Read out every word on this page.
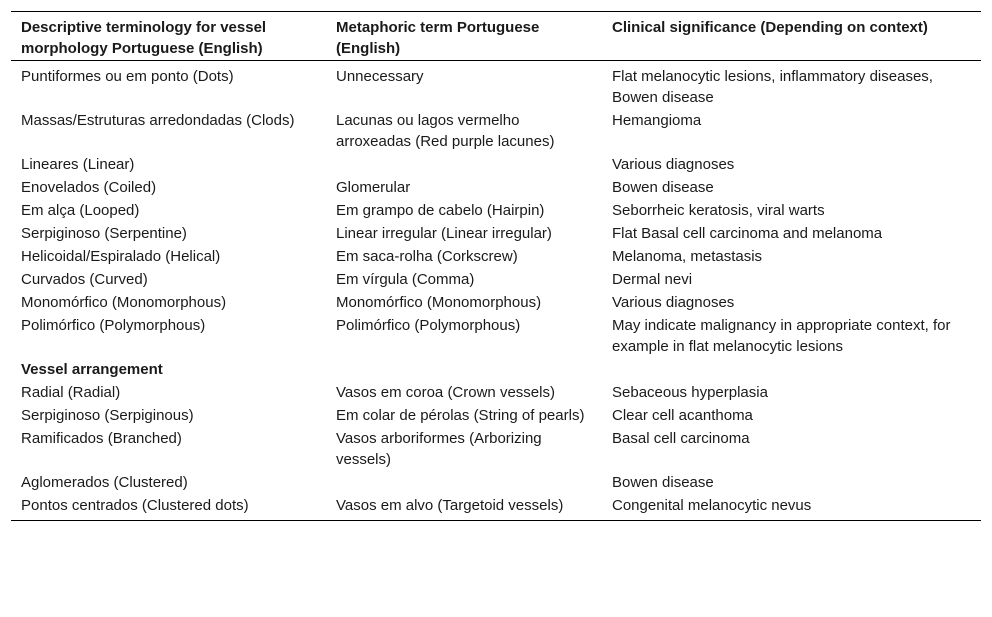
Descriptive terminology for vessel morphology Portuguese (English)	Metaphoric term Portuguese (English)	Clinical significance (Depending on context)
Puntiformes ou em ponto (Dots)	Unnecessary	Flat melanocytic lesions, inflammatory diseases, Bowen disease
Massas/Estruturas arredondadas (Clods)	Lacunas ou lagos vermelho arroxeadas (Red purple lacunes)	Hemangioma
Lineares (Linear)		Various diagnoses
Enovelados (Coiled)	Glomerular	Bowen disease
Em alça (Looped)	Em grampo de cabelo (Hairpin)	Seborrheic keratosis, viral warts
Serpiginoso (Serpentine)	Linear irregular (Linear irregular)	Flat Basal cell carcinoma and melanoma
Helicoidal/Espiralado (Helical)	Em saca-rolha (Corkscrew)	Melanoma, metastasis
Curvados (Curved)	Em vírgula (Comma)	Dermal nevi
Monomórfico (Monomorphous)	Monomórfico (Monomorphous)	Various diagnoses
Polimórfico (Polymorphous)	Polimórfico (Polymorphous)	May indicate malignancy in appropriate context, for example in flat melanocytic lesions
Vessel arrangement		
Radial (Radial)	Vasos em coroa (Crown vessels)	Sebaceous hyperplasia
Serpiginoso (Serpiginous)	Em colar de pérolas (String of pearls)	Clear cell acanthoma
Ramificados (Branched)	Vasos arboriformes (Arborizing vessels)	Basal cell carcinoma
Aglomerados (Clustered)		Bowen disease
Pontos centrados (Clustered dots)	Vasos em alvo (Targetoid vessels)	Congenital melanocytic nevus
